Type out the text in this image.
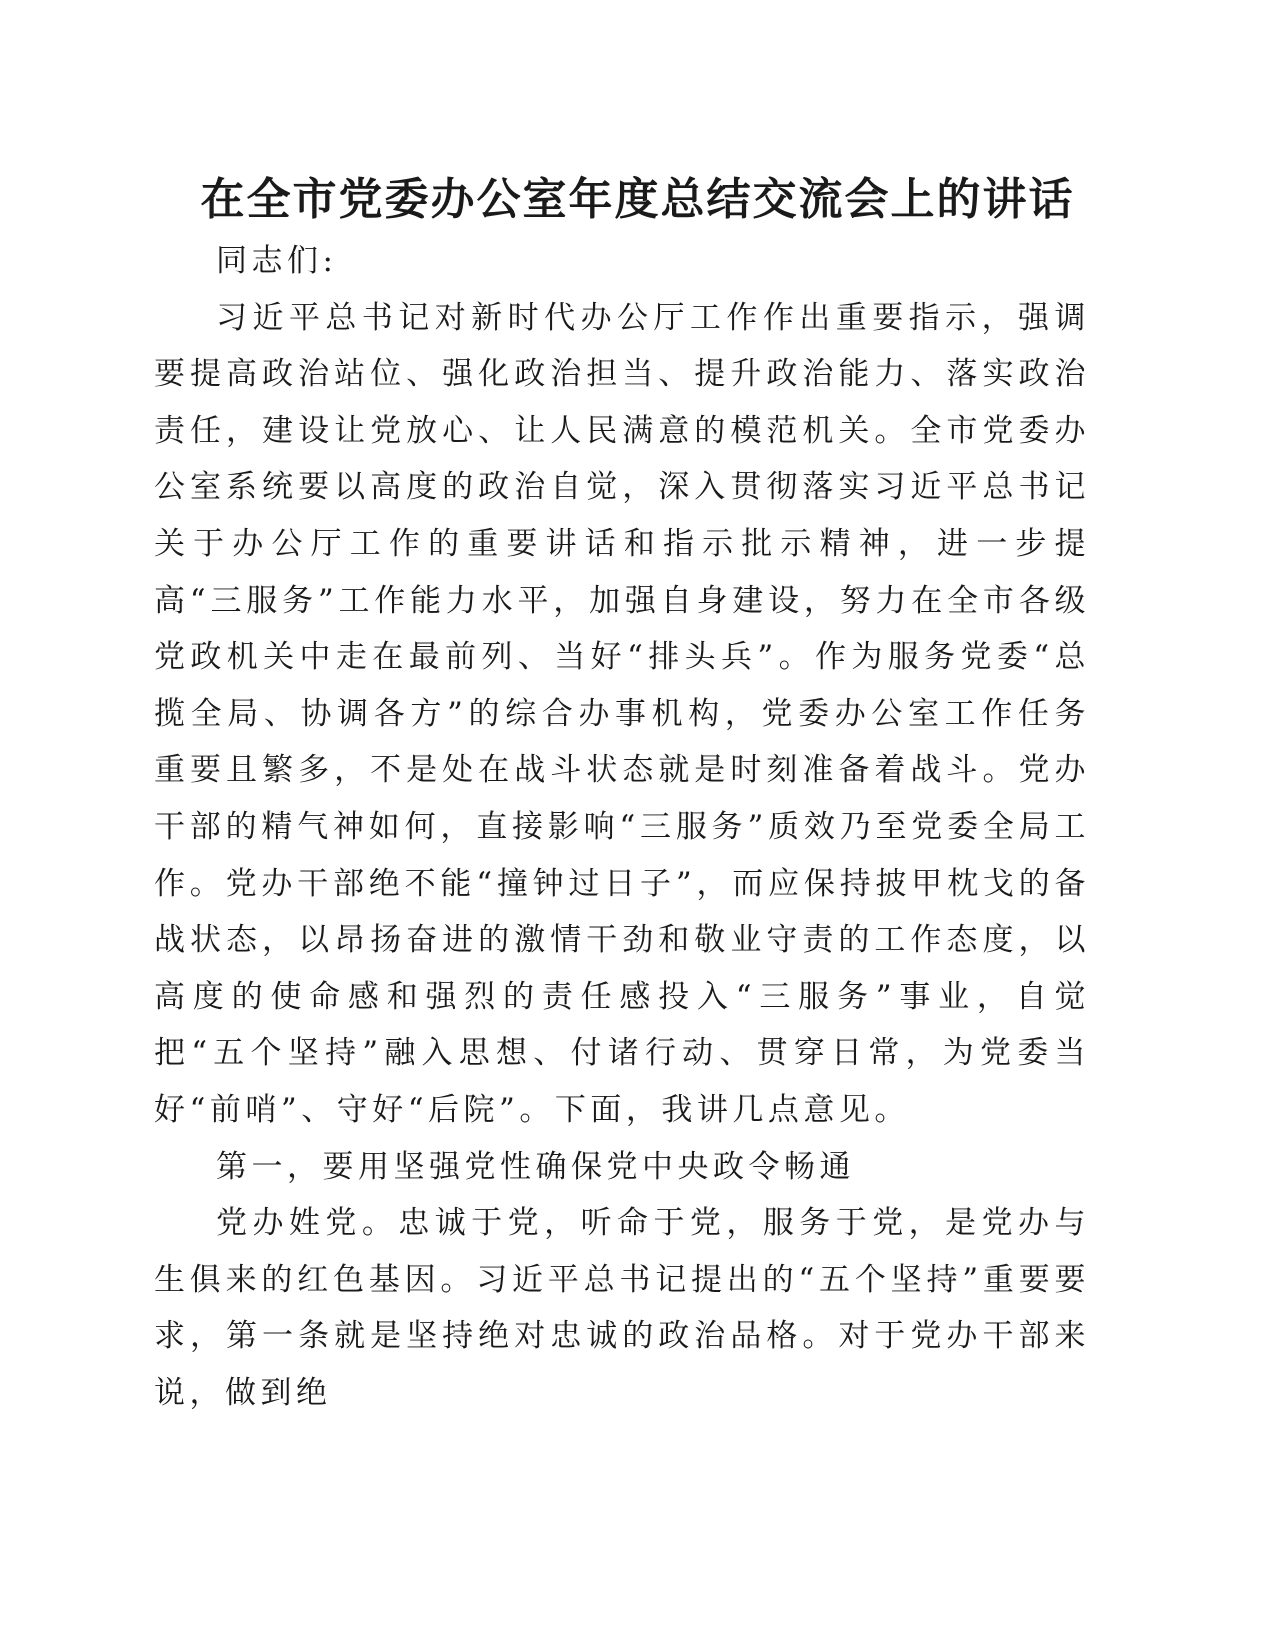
在全市党委办公室年度总结交流会上的讲话

同志们:

习近平总书记对新时代办公厅工作作出重要指示，强调要提高政治站位、强化政治担当、提升政治能力、落实政治责任，建设让党放心、让人民满意的模范机关。全市党委办公室系统要以高度的政治自觉，深入贯彻落实习近平总书记关于办公厅工作的重要讲话和指示批示精神，进一步提高“三服务”工作能力水平，加强自身建设，努力在全市各级党政机关中走在最前列、当好“排头兵”。作为服务党委“总揽全局、协调各方”的综合办事机构，党委办公室工作任务重要且繁多，不是处在战斗状态就是时刻准备着战斗。党办干部的精气神如何，直接影响“三服务”质效乃至党委全局工作。党办干部绝不能“撞钟过日子”，而应保持披甲枕戈的备战状态，以昂扬奋进的激情干劲和敬业守责的工作态度，以高度的使命感和强烈的责任感投入“三服务”事业，自觉把“五个坚持”融入思想、付诸行动、贯穿日常，为党委当好“前哨”、守好“后院”。下面，我讲几点意见。

第一，要用坚强党性确保党中央政令畅通

党办姓党。忠诚于党，听命于党，服务于党，是党办与生俱来的红色基因。习近平总书记提出的“五个坚持”重要要求，第一条就是坚持绝对忠诚的政治品格。对于党办干部来说，做到绝
